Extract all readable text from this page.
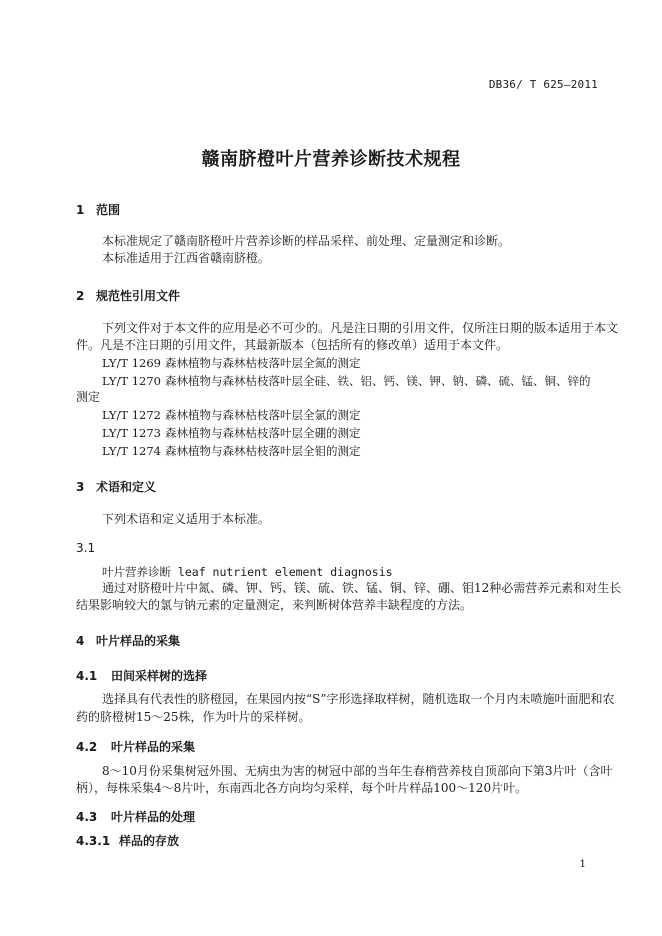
DB36/ T 625—2011
赣南脐橙叶片营养诊断技术规程
1 范围
本标准规定了赣南脐橙叶片营养诊断的样品采样、前处理、定量测定和诊断。
本标准适用于江西省赣南脐橙。
2 规范性引用文件
下列文件对于本文件的应用是必不可少的。凡是注日期的引用文件，仅所注日期的版本适用于本文
件。凡是不注日期的引用文件，其最新版本（包括所有的修改单）适用于本文件。
LY/T 1269 森林植物与森林枯枝落叶层全氮的测定
LY/T 1270 森林植物与森林枯枝落叶层全硅、铁、铝、钙、镁、钾、钠、磷、硫、锰、铜、锌的
测定
LY/T 1272 森林植物与森林枯枝落叶层全氯的测定
LY/T 1273 森林植物与森林枯枝落叶层全硼的测定
LY/T 1274 森林植物与森林枯枝落叶层全钼的测定
3 术语和定义
下列术语和定义适用于本标准。
3.1
叶片营养诊断 leaf nutrient element diagnosis
通过对脐橙叶片中氮、磷、钾、钙、镁、硫、铁、锰、铜、锌、硼、钼12种必需营养元素和对生长
结果影响较大的氯与钠元素的定量测定，来判断树体营养丰缺程度的方法。
4 叶片样品的采集
4.1 田间采样树的选择
选择具有代表性的脐橙园，在果园内按“S”字形选择取样树，随机选取一个月内未喷施叶面肥和农
药的脐橙树15～25株，作为叶片的采样树。
4.2 叶片样品的采集
8～10月份采集树冠外围、无病虫为害的树冠中部的当年生春梢营养枝自顶部向下第3片叶（含叶
柄），每株采集4～8片叶，东南西北各方向均匀采样，每个叶片样品100～120片叶。
4.3 叶片样品的处理
4.3.1 样品的存放
1
